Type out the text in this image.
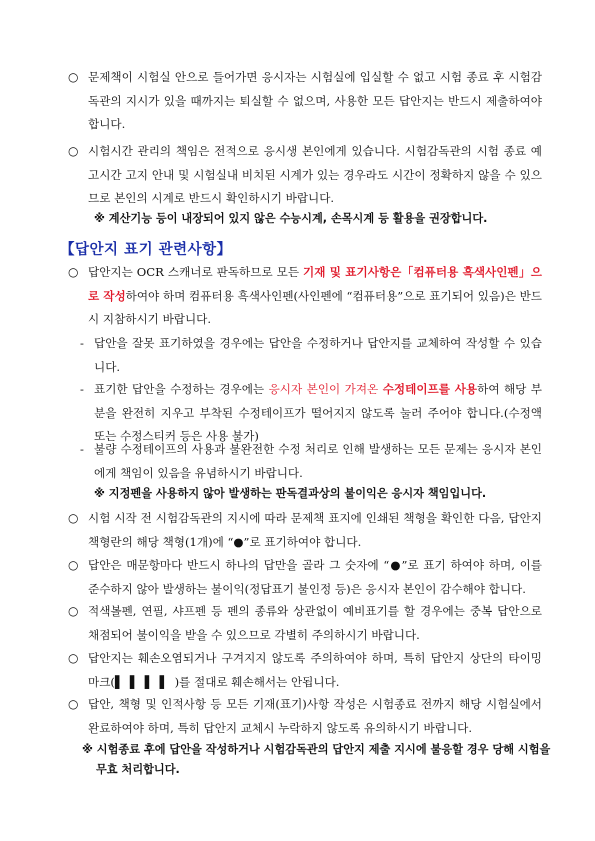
○ 문제책이 시험실 안으로 들어가면 응시자는 시험실에 입실할 수 없고 시험 종료 후 시험감독관의 지시가 있을 때까지는 퇴실할 수 없으며, 사용한 모든 답안지는 반드시 제출하여야 합니다.
○ 시험시간 관리의 책임은 전적으로 응시생 본인에게 있습니다. 시험감독관의 시험 종료 예고시간 고지 안내 및 시험실내 비치된 시계가 있는 경우라도 시간이 정확하지 않을 수 있으므로 본인의 시계로 반드시 확인하시기 바랍니다.
※ 계산기능 등이 내장되어 있지 않은 수능시계, 손목시계 등 활용을 권장합니다.
【답안지 표기 관련사항】
○ 답안지는 OCR 스캐너로 판독하므로 모든 기재 및 표기사항은「컴퓨터용 흑색사인펜」으로 작성하여야 하며 컴퓨터용 흑색사인펜(사인펜에 “컴퓨터용”으로 표기되어 있음)은 반드시 지참하시기 바랍니다.
- 답안을 잘못 표기하였을 경우에는 답안을 수정하거나 답안지를 교체하여 작성할 수 있습니다.
- 표기한 답안을 수정하는 경우에는 응시자 본인이 가져온 수정테이프를 사용하여 해당 부분을 완전히 지우고 부착된 수정테이프가 떨어지지 않도록 눌러 주어야 합니다.(수정액 또는 수정스티커 등은 사용 불가)
- 불량 수정테이프의 사용과 불완전한 수정 처리로 인해 발생하는 모든 문제는 응시자 본인에게 책임이 있음을 유념하시기 바랍니다.
※ 지정펜을 사용하지 않아 발생하는 판독결과상의 불이익은 응시자 책임입니다.
○ 시험 시작 전 시험감독관의 지시에 따라 문제책 표지에 인쇄된 책형을 확인한 다음, 답안지 책형란의 해당 책형(1개)에 “●”로 표기하여야 합니다.
○ 답안은 매문항마다 반드시 하나의 답만을 골라 그 숫자에 “●”로 표기 하여야 하며, 이를 준수하지 않아 발생하는 불이익(정답표기 불인정 등)은 응시자 본인이 감수해야 합니다.
○ 적색볼펜, 연필, 샤프펜 등 펜의 종류와 상관없이 예비표기를 할 경우에는 중복 답안으로 채점되어 불이익을 받을 수 있으므로 각별히 주의하시기 바랍니다.
○ 답안지는 훼손오염되거나 구겨지지 않도록 주의하여야 하며, 특히 답안지 상단의 타이밍 마크(▌▌▌▌)를 절대로 훼손해서는 안됩니다.
○ 답안, 책형 및 인적사항 등 모든 기재(표기)사항 작성은 시험종료 전까지 해당 시험실에서 완료하여야 하며, 특히 답안지 교체시 누락하지 않도록 유의하시기 바랍니다.
※ 시험종료 후에 답안을 작성하거나 시험감독관의 답안지 제출 지시에 불응할 경우 당해 시험을 무효 처리합니다.
